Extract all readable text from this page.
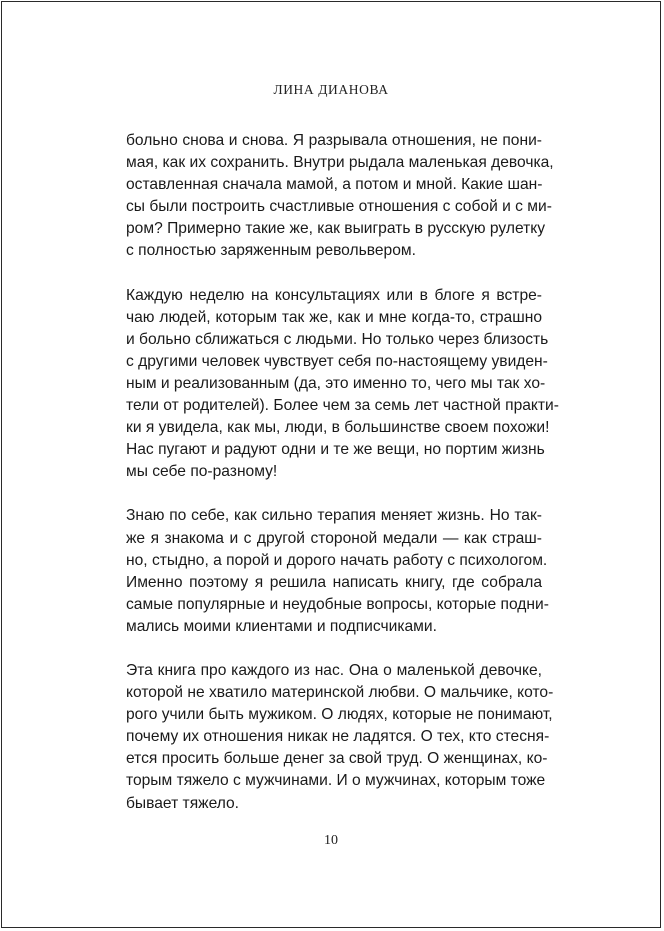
ЛИНА ДИАНОВА
больно снова и снова. Я разрывала отношения, не пони-
мая, как их сохранить. Внутри рыдала маленькая девочка,
оставленная сначала мамой, а потом и мной. Какие шан-
сы были построить счастливые отношения с собой и с ми-
ром? Примерно такие же, как выиграть в русскую рулетку
с полностью заряженным револьвером.
Каждую неделю на консультациях или в блоге я встре-
чаю людей, которым так же, как и мне когда-то, страшно
и больно сближаться с людьми. Но только через близость
с другими человек чувствует себя по-настоящему увиден-
ным и реализованным (да, это именно то, чего мы так хо-
тели от родителей). Более чем за семь лет частной практи-
ки я увидела, как мы, люди, в большинстве своем похожи!
Нас пугают и радуют одни и те же вещи, но портим жизнь
мы себе по-разному!
Знаю по себе, как сильно терапия меняет жизнь. Но так-
же я знакома и с другой стороной медали — как страш-
но, стыдно, а порой и дорого начать работу с психологом.
Именно поэтому я решила написать книгу, где собрала
самые популярные и неудобные вопросы, которые подни-
мались моими клиентами и подписчиками.
Эта книга про каждого из нас. Она о маленькой девочке,
которой не хватило материнской любви. О мальчике, кото-
рого учили быть мужиком. О людях, которые не понимают,
почему их отношения никак не ладятся. О тех, кто стесня-
ется просить больше денег за свой труд. О женщинах, ко-
торым тяжело с мужчинами. И о мужчинах, которым тоже
бывает тяжело.
10
